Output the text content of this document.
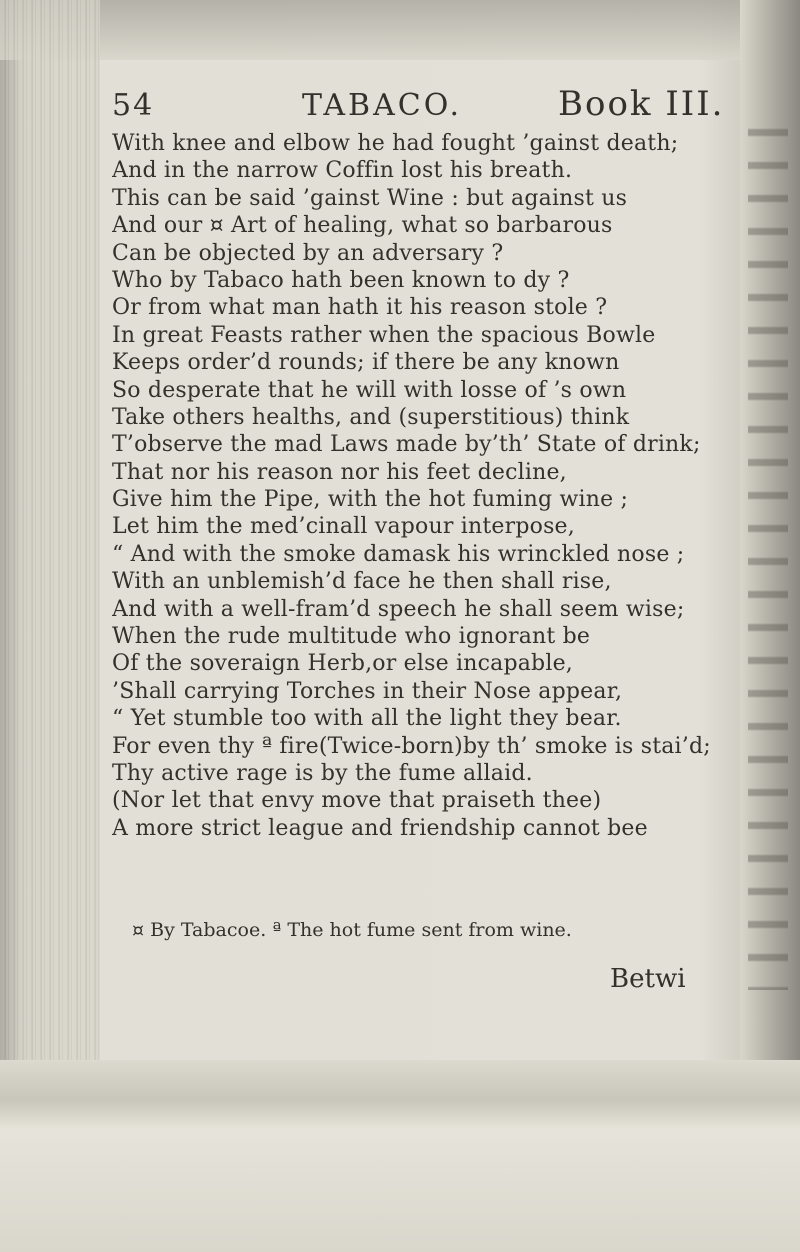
54	TABACO.	Book III.
With knee and elbow he had fought ’gainst death;
And in the narrow Coffin lost his breath.
This can be said ’gainst Wine : but against us
And our ¤ Art of healing, what so barbarous
Can be objected by an adversary ?
Who by Tabaco hath been known to dy ?
Or from what man hath it his reason stole ?
In great Feasts rather when the spacious Bowle
Keeps order’d rounds; if there be any known
So desperate that he will with losse of ’s own
Take others healths, and (superstitious) think
T’observe the mad Laws made by’th’ State of drink;
That nor his reason nor his feet decline,
Give him the Pipe, with the hot fuming wine ;
Let him the med’cinall vapour interpose,
“ And with the smoke damask his wrinckled nose ;
With an unblemish’d face he then shall rise,
And with a well-fram’d speech he shall seem wise;
When the rude multitude who ignorant be
Of the soveraign Herb,or else incapable,
’Shall carrying Torches in their Nose appear,
“ Yet stumble too with all the light they bear.
For even thy ª fire(Twice-born)by th’ smoke is stai’d;
Thy active rage is by the fume allaid.
(Nor let that envy move that praiseth thee)
A more strict league and friendship cannot bee
¤ By Tabacoe. ª The hot fume sent from wine.
Betwi
